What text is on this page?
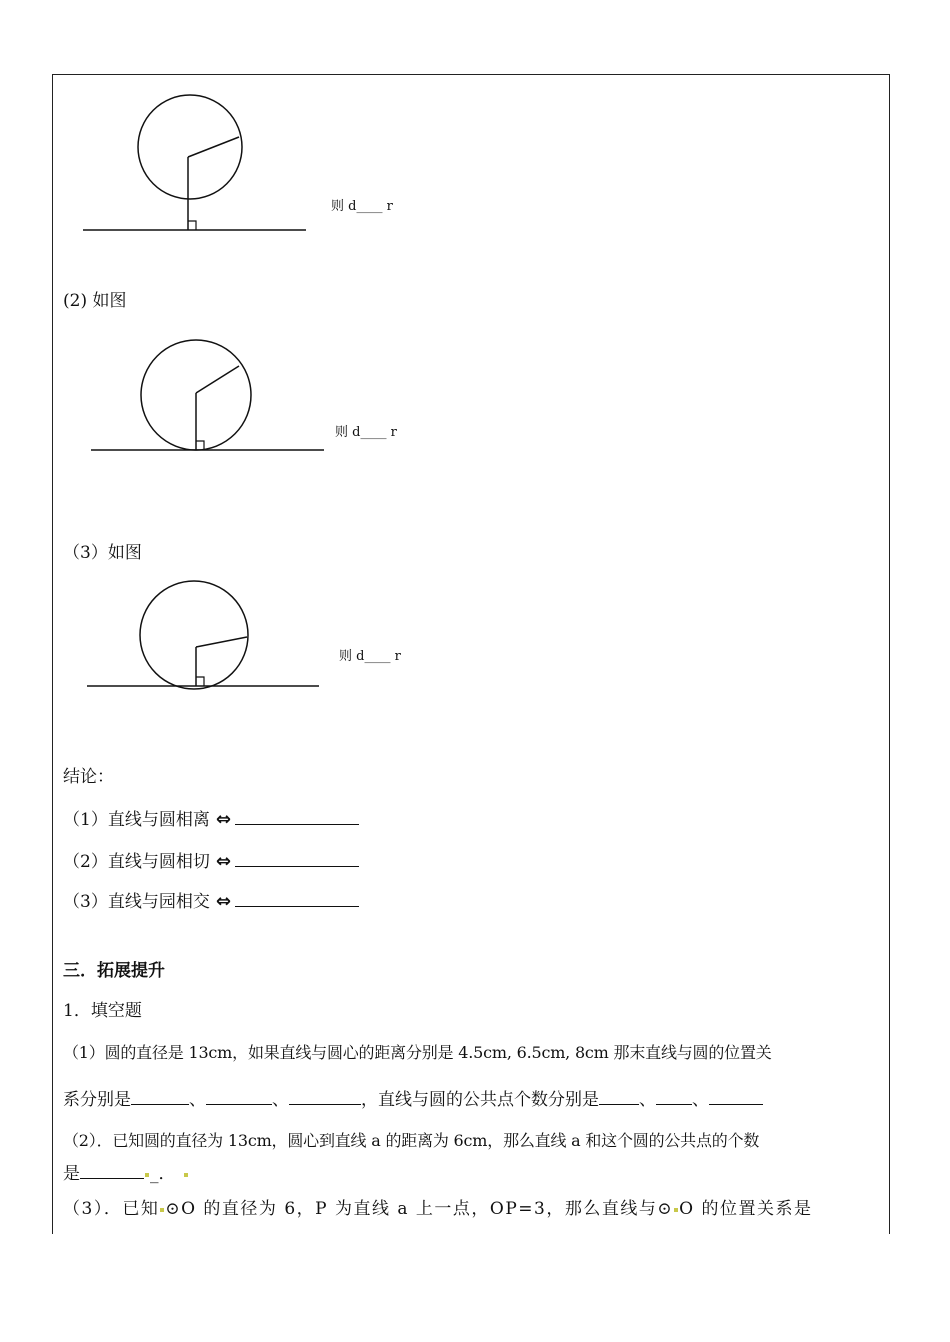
则 d____ r
(2) 如图
则 d____ r
（3）如图
则 d____ r
结论：
（1）直线与圆相离 ⇔
（2）直线与圆相切 ⇔
（3）直线与园相交 ⇔
三．拓展提升
1．填空题
（1）圆的直径是 13cm，如果直线与圆心的距离分别是 4.5cm, 6.5cm, 8cm 那末直线与圆的位置关
系分别是	、	、	，直线与圆的公共点个数分别是 、 、
（2）．已知圆的直径为 13cm，圆心到直线 a 的距离为 6cm，那么直线 a 和这个圆的公共点的个数
是	_．
（3）．已知 ⊙O 的直径为 6，P 为直线 a 上一点，OP=3，那么直线与⊙ O 的位置关系是
